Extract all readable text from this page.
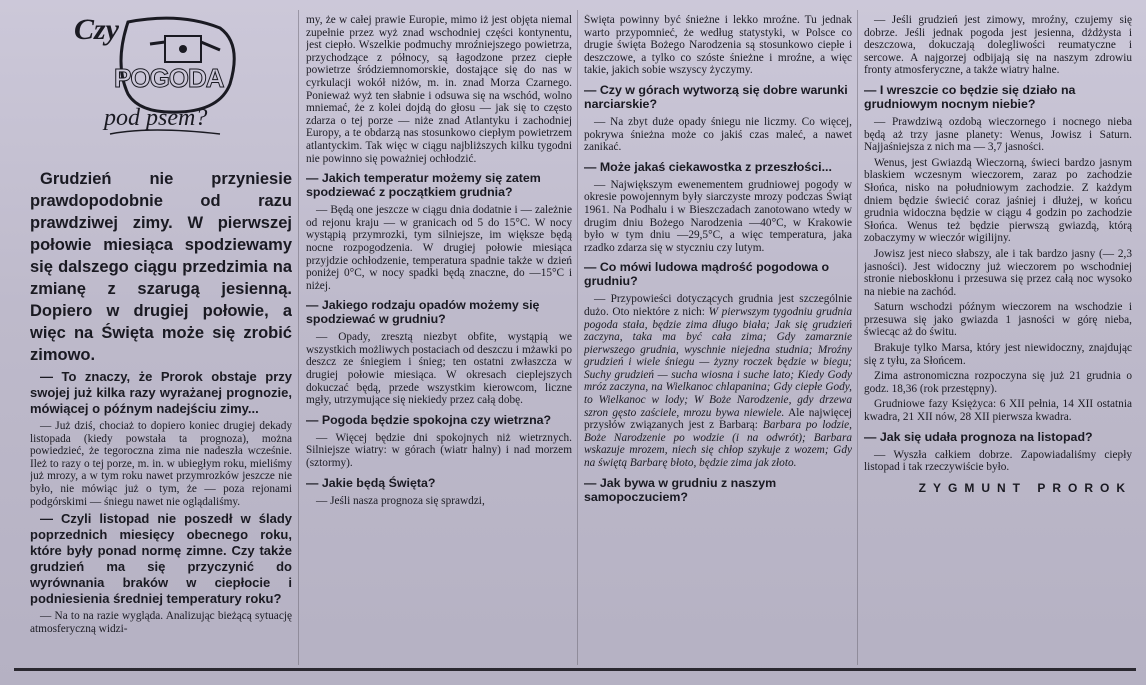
Czy
POGODA
pod psem?

Grudzień nie przyniesie prawdopodobnie od razu prawdziwej zimy. W pierwszej połowie miesiąca spodziewamy się dalszego ciągu przedzimia na zmianę z szarugą jesienną. Dopiero w drugiej połowie, a więc na Święta może się zrobić zimowo.

— To znaczy, że Prorok obstaje przy swojej już kilka razy wyrażanej prognozie, mówiącej o późnym nadejściu zimy...

— Już dziś, chociaż to dopiero koniec drugiej dekady listopada (kiedy powstała ta prognoza), można powiedzieć, że tegoroczna zima nie nadeszła wcześnie. Ileż to razy o tej porze, m. in. w ubiegłym roku, mieliśmy już mrozy, a w tym roku nawet przymrozków jeszcze nie było, nie mówiąc już o tym, że — poza rejonami podgórskimi — śniegu nawet nie oglądaliśmy.

— Czyli listopad nie poszedł w ślady poprzednich miesięcy obecnego roku, które były ponad normę zimne. Czy także grudzień ma się przyczynić do wyrównania braków w ciepłocie i podniesienia średniej temperatury roku?

— Na to na razie wygląda. Analizując bieżącą sytuację atmosferyczną widzi-

my, że w całej prawie Europie, mimo iż jest objęta niemal zupełnie przez wyż znad wschodniej części kontynentu, jest ciepło. Wszelkie podmuchy mroźniejszego powietrza, przychodzące z północy, są łagodzone przez ciepłe powietrze śródziemnomorskie, dostające się do nas w cyrkulacji wokół niżów, m. in. znad Morza Czarnego. Ponieważ wyż ten słabnie i odsuwa się na wschód, wolno mniemać, że z kolei dojdą do głosu — jak się to często zdarza o tej porze — niże znad Atlantyku i zachodniej Europy, a te obdarzą nas stosunkowo ciepłym powietrzem atlantyckim. Tak więc w ciągu najbliższych kilku tygodni nie powinno się poważniej ochłodzić.

— Jakich temperatur możemy się zatem spodziewać z początkiem grudnia?

— Będą one jeszcze w ciągu dnia dodatnie i — zależnie od rejonu kraju — w granicach od 5 do 15°C. W nocy wystąpią przymrozki, tym silniejsze, im większe będą nocne rozpogodzenia. W drugiej połowie miesiąca przyjdzie ochłodzenie, temperatura spadnie także w dzień poniżej 0°C, w nocy spadki będą znaczne, do —15°C i niżej.

— Jakiego rodzaju opadów możemy się spodziewać w grudniu?

— Opady, zresztą niezbyt obfite, wystąpią we wszystkich możliwych postaciach od deszczu i mżawki po deszcz ze śniegiem i śnieg; ten ostatni zwłaszcza w drugiej połowie miesiąca. W okresach cieplejszych dokuczać będą, przede wszystkim kierowcom, liczne mgły, utrzymujące się niekiedy przez całą dobę.

— Pogoda będzie spokojna czy wietrzna?

— Więcej będzie dni spokojnych niż wietrznych. Silniejsze wiatry: w górach (wiatr halny) i nad morzem (sztormy).

— Jakie będą Święta?

— Jeśli nasza prognoza się sprawdzi,

Święta powinny być śnieżne i lekko mroźne. Tu jednak warto przypomnieć, że według statystyki, w Polsce co drugie święta Bożego Narodzenia są stosunkowo ciepłe i deszczowe, a tylko co szóste śnieżne i mroźne, a więc takie, jakich sobie wszyscy życzymy.

— Czy w górach wytworzą się dobre warunki narciarskie?

— Na zbyt duże opady śniegu nie liczmy. Co więcej, pokrywa śnieżna może co jakiś czas maleć, a nawet zanikać.

— Może jakaś ciekawostka z przeszłości...

— Największym ewenementem grudniowej pogody w okresie powojennym były siarczyste mrozy podczas Świąt 1961. Na Podhalu i w Bieszczadach zanotowano wtedy w drugim dniu Bożego Narodzenia —40°C, w Krakowie było w tym dniu —29,5°C, a więc temperatura, jaka rzadko zdarza się w styczniu czy lutym.

— Co mówi ludowa mądrość pogodowa o grudniu?

— Przypowieści dotyczących grudnia jest szczególnie dużo. Oto niektóre z nich: W pierwszym tygodniu grudnia pogoda stała, będzie zima długo biała; Jak się grudzień zaczyna, taka ma być cała zima; Gdy zamarznie pierwszego grudnia, wyschnie niejedna studnia; Mroźny grudzień i wiele śniegu — żyzny roczek będzie w biegu; Suchy grudzień — sucha wiosna i suche lato; Kiedy Gody mróz zaczyna, na Wielkanoc chlapanina; Gdy ciepłe Gody, to Wielkanoc w lody; W Boże Narodzenie, gdy drzewa szron gęsto zaściele, mrozu bywa niewiele. Ale najwięcej przysłów związanych jest z Barbarą: Barbara po lodzie, Boże Narodzenie po wodzie (i na odwrót); Barbara wskazuje mrozem, niech się chłop szykuje z wozem; Gdy na świętą Barbarę błoto, będzie zima jak złoto.

— Jak bywa w grudniu z naszym samopoczuciem?

— Jeśli grudzień jest zimowy, mroźny, czujemy się dobrze. Jeśli jednak pogoda jest jesienna, dżdżysta i deszczowa, dokuczają dolegliwości reumatyczne i sercowe. A najgorzej odbijają się na naszym zdrowiu fronty atmosferyczne, a także wiatry halne.

— I wreszcie co będzie się działo na grudniowym nocnym niebie?

— Prawdziwą ozdobą wieczornego i nocnego nieba będą aż trzy jasne planety: Wenus, Jowisz i Saturn. Najjaśniejsza z nich ma — 3,7 jasności.

Wenus, jest Gwiazdą Wieczorną, świeci bardzo jasnym blaskiem wczesnym wieczorem, zaraz po zachodzie Słońca, nisko na południowym zachodzie. Z każdym dniem będzie świecić coraz jaśniej i dłużej, w końcu grudnia widoczna będzie w ciągu 4 godzin po zachodzie Słońca. Wenus też będzie pierwszą gwiazdą, którą zobaczymy w wieczór wigilijny.

Jowisz jest nieco słabszy, ale i tak bardzo jasny (— 2,3 jasności). Jest widoczny już wieczorem po wschodniej stronie nieboskłonu i przesuwa się przez całą noc wysoko na niebie na zachód.

Saturn wschodzi późnym wieczorem na wschodzie i przesuwa się jako gwiazda 1 jasności w górę nieba, świecąc aż do świtu.

Brakuje tylko Marsa, który jest niewidoczny, znajdując się z tyłu, za Słońcem.

Zima astronomiczna rozpoczyna się już 21 grudnia o godz. 18,36 (rok przestępny).

Grudniowe fazy Księżyca: 6 XII pełnia, 14 XII ostatnia kwadra, 21 XII nów, 28 XII pierwsza kwadra.

— Jak się udała prognoza na listopad?

— Wyszła całkiem dobrze. Zapowiadaliśmy ciepły listopad i tak rzeczywiście było.

ZYGMUNT PROROK
